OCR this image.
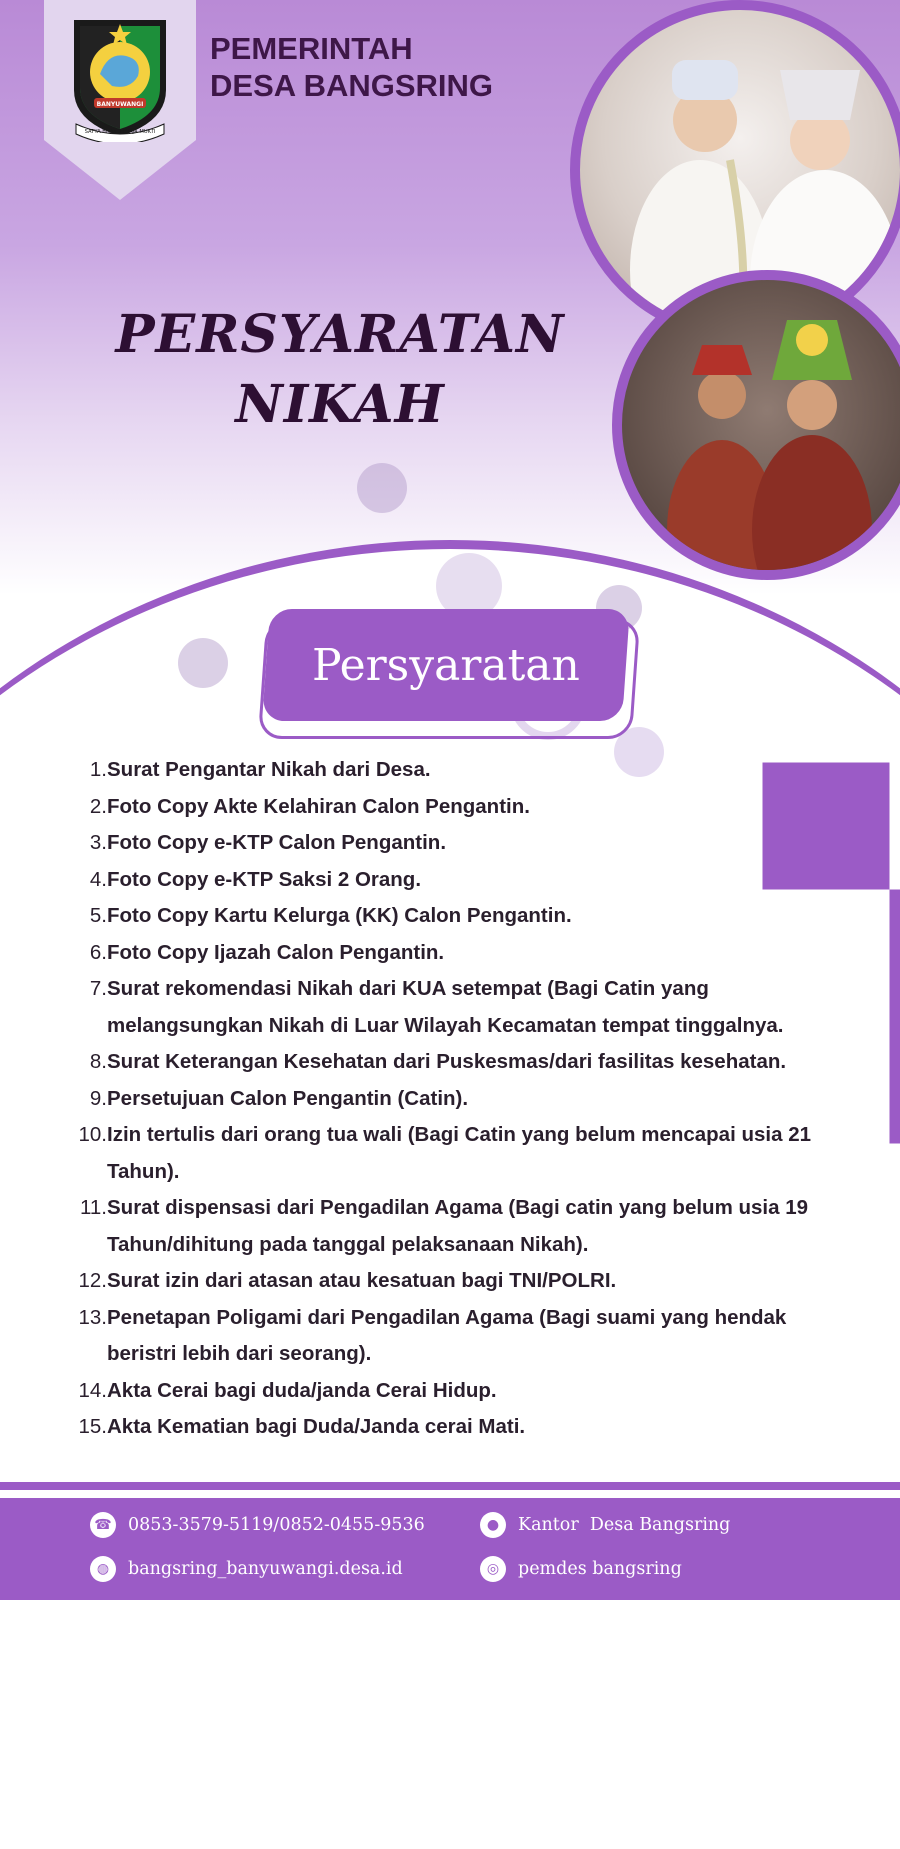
BANYUWANGI
SATYA BHAKTI PRAJA MUKTI
PEMERINTAH
DESA BANGSRING
PERSYARATAN
NIKAH
Persyaratan
1. Surat Pengantar Nikah dari Desa.
2. Foto Copy Akte Kelahiran Calon Pengantin.
3. Foto Copy e-KTP Calon Pengantin.
4. Foto Copy e-KTP Saksi 2 Orang.
5. Foto Copy Kartu Kelurga (KK) Calon Pengantin.
6. Foto Copy Ijazah Calon Pengantin.
7. Surat rekomendasi Nikah dari KUA setempat (Bagi Catin yang melangsungkan Nikah di Luar Wilayah Kecamatan tempat tinggalnya.
8. Surat Keterangan Kesehatan dari Puskesmas/dari fasilitas kesehatan.
9. Persetujuan Calon Pengantin (Catin).
10. Izin tertulis dari orang tua wali (Bagi Catin yang belum mencapai usia 21 Tahun).
11. Surat dispensasi dari Pengadilan Agama (Bagi catin yang belum usia 19 Tahun/dihitung pada tanggal pelaksanaan Nikah).
12. Surat izin dari atasan atau kesatuan bagi TNI/POLRI.
13. Penetapan Poligami dari Pengadilan Agama (Bagi suami yang hendak beristri lebih dari seorang).
14. Akta Cerai bagi duda/janda Cerai Hidup.
15. Akta Kematian bagi Duda/Janda cerai Mati.
☎ 0853-3579-5119/0852-0455-9536	●	Kantor  Desa Bangsring
◍	bangsring_banyuwangi.desa.id	◎	pemdes bangsring
